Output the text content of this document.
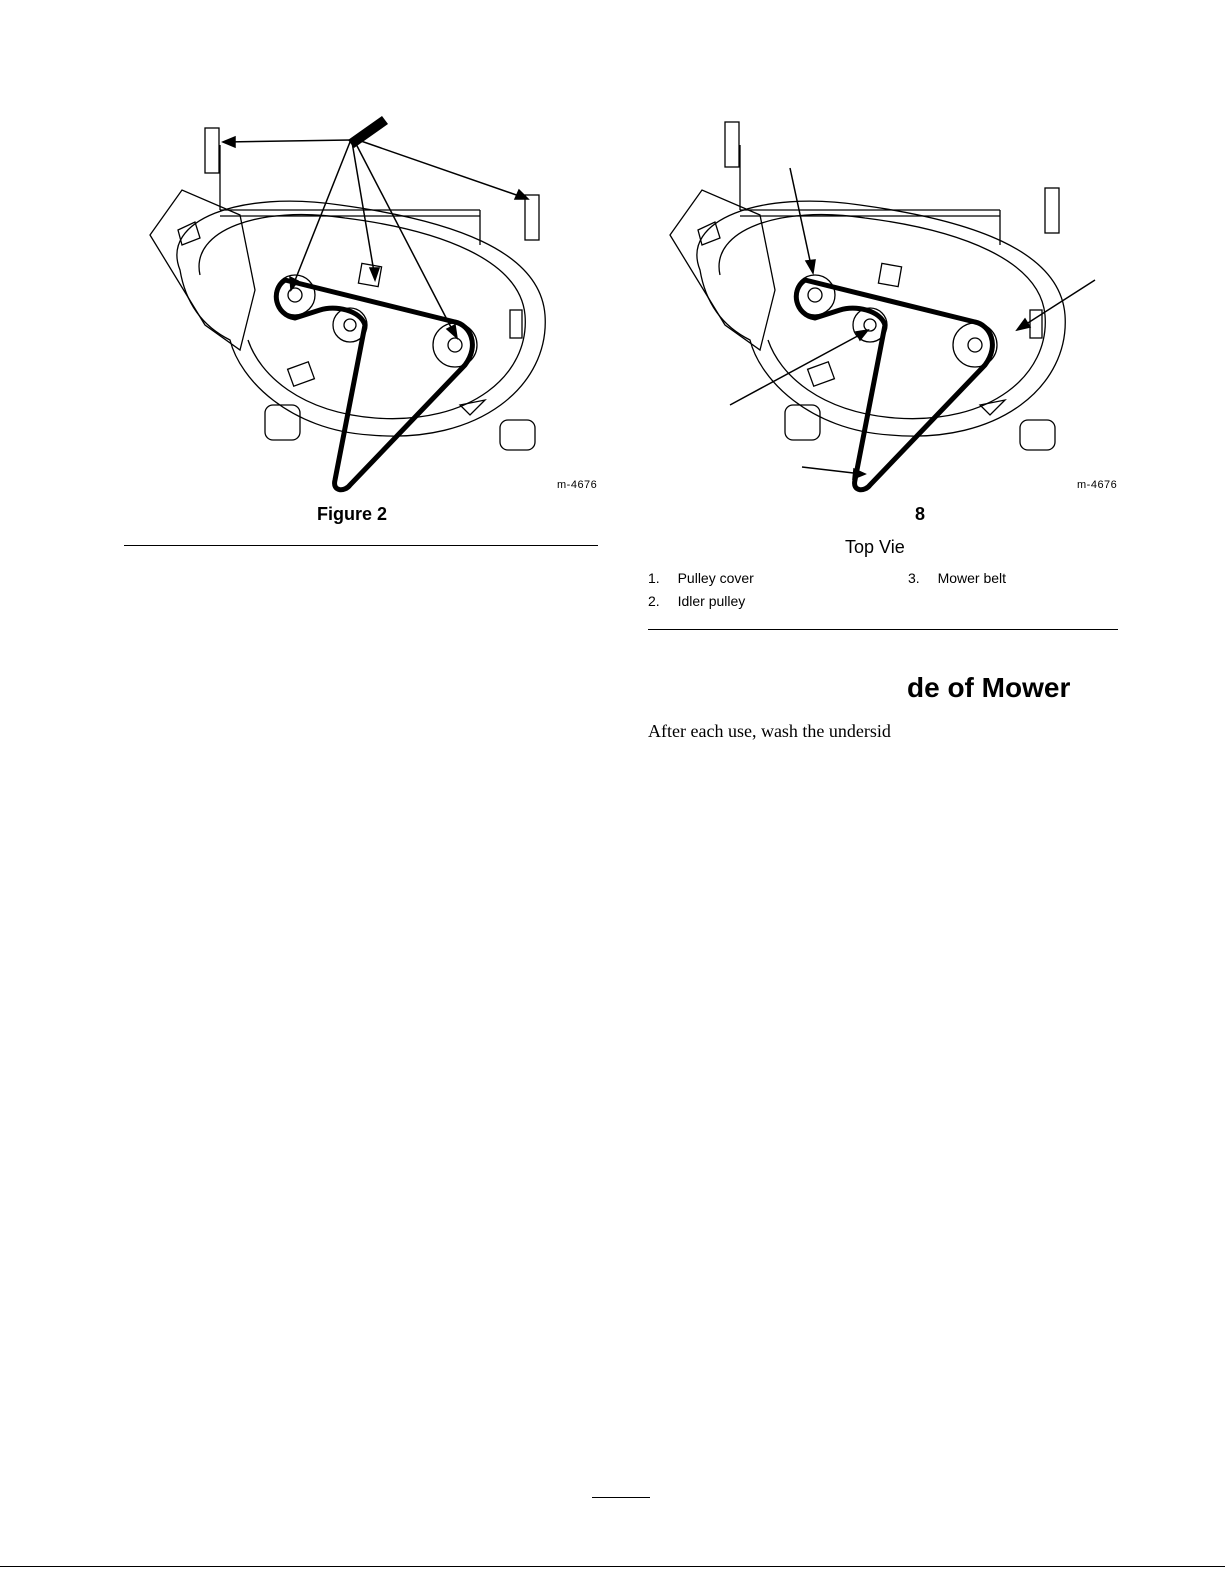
m-4676
Figure 2
m-4676
8
Top Vie
1. Pulley cover
2. Idler pulley
3. Mower belt
de of Mower
After each use, wash the undersid
